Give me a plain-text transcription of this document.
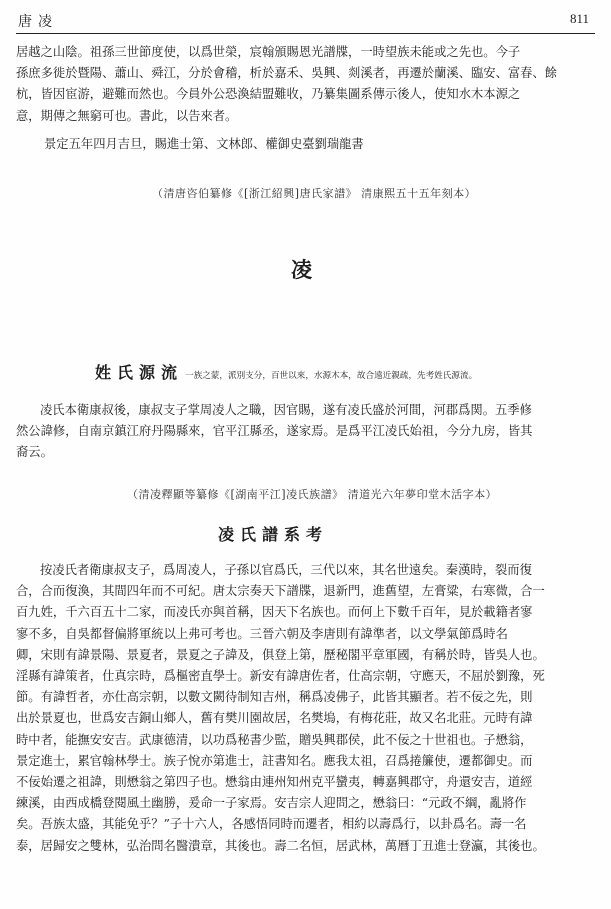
唐凌	811
居越之山陰。祖孫三世節度使，以爲世榮，宸翰頒賜恩光譜牒，一時望族未能或之先也。今子
孫庶多徙於暨陽、蕭山、舜江，分於會稽，析於嘉禾、吳興、剡溪者，再遷於蘭溪、臨安、富春、餘
杭，皆因宦游，避難而然也。今員外公恐渙結盟難收，乃纂集圖系傳示後人，使知水木本源之
意，期傳之無窮可也。書此，以告來者。
景定五年四月吉旦，賜進士第、文林郎、權御史臺劉瑞龍書
（清唐咨伯纂修《[浙江紹興]唐氏家譜》 清康熙五十五年刻本）
凌
姓氏源流 一族之蒙，派別支分，百世以來，水源木本，故合遠近親疏，先考姓氏源流。
凌氏本衛康叔後，康叔支子掌周凌人之職，因官賜，遂有凌氏盛於河間，河郡爲関。五季修
然公諱修，自南京鎮江府丹陽縣來，官平江縣丞，遂家焉。是爲平江凌氏始祖，今分九房，皆其
裔云。
（清凌釋顯等纂修《[湖南平江]凌氏族譜》 清道光六年夢印堂木活字本）
凌氏譜系考
按凌氏者衛康叔支子，爲周凌人，子孫以官爲氏，三代以來，其名世遠矣。秦漢時，裂而復
合，合而復渙，其間四年而不可紀。唐太宗奏天下譜牒，退新門，進舊望，左膏粱，右寒微，合一
百九姓，千六百五十二家，而凌氏亦與首稱，因天下名族也。而何上下數千百年，見於載籍者寥
寥不多，自吳都督偏將軍統以上弗可考也。三晉六朝及李唐則有諱準者，以文學氣節爲時名
卿，宋則有諱景陽、景夏者，景夏之子諱及，俱登上第，歷秘閣平章軍國，有稱於時，皆吳人也。
淫縣有諱策者，仕真宗時，爲樞密直學士。新安有諱唐佐者，仕高宗朝，守應天，不屈於劉豫，死
節。有諱哲者，亦仕高宗朝，以數文闕待制知吉州，稱爲凌佛子，此皆其顯者。若不佞之先，則
出於景夏也，世爲安吉銅山鄉人，舊有樊川園故居，名樊塢，有梅花莊，故又名北莊。元時有諱
時中者，能撫安安吉。武康德清，以功爲秘書少監，贈吳興郡侯，此不佞之十世祖也。子懋翁，
景定進士，累官翰林學士。族子悅亦第進士，註書知名。應我太祖，召爲捲簾使，遷都御史。而
不佞始遷之祖諱，則懋翁之第四子也。懋翁由連州知州克平蠻夷，轉嘉興郡守，舟還安吉，道經
練溪，由西成橋登閱風土幽勝，爰命一子家焉。安吉宗人迎問之，懋翁曰：“元政不綱，亂將作
矣。吾族太盛，其能免乎？”子十六人，各感悟同時而遷者，相約以壽爲行，以卦爲名。壽一名
泰，居歸安之雙林，弘治問名醫潰章，其後也。壽二名恒，居武林，萬曆丁丑進士登瀛，其後也。
